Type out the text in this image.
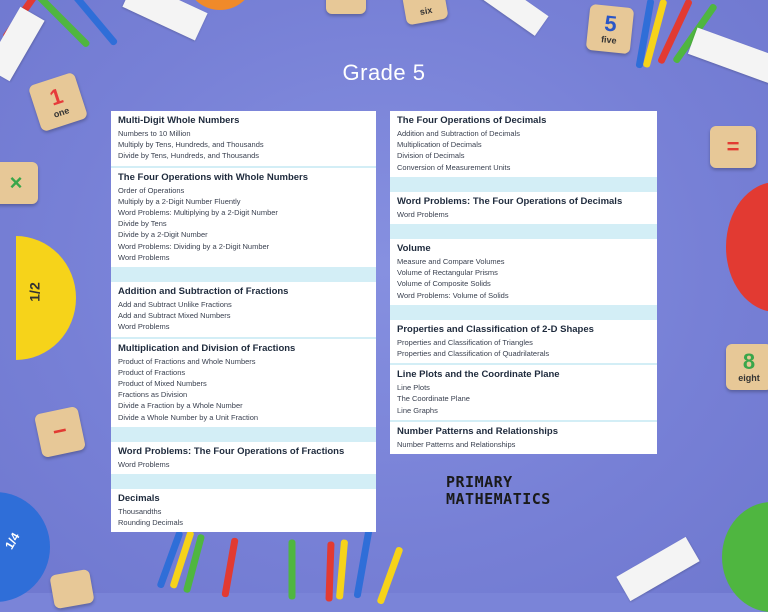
1
one
six	5
five
×
1/2
−
1/4
=
8
eight
Grade 5
Multi-Digit Whole Numbers
Numbers to 10 Million
Multiply by Tens, Hundreds, and Thousands
Divide by Tens, Hundreds, and Thousands
The Four Operations with Whole Numbers
Order of Operations
Multiply by a 2-Digit Number Fluently
Word Problems: Multiplying by a 2-Digit Number
Divide by Tens
Divide by a 2-Digit Number
Word Problems: Dividing by a 2-Digit Number
Word Problems
Addition and Subtraction of Fractions
Add and Subtract Unlike Fractions
Add and Subtract Mixed Numbers
Word Problems
Multiplication and Division of Fractions
Product of Fractions and Whole Numbers
Product of Fractions
Product of Mixed Numbers
Fractions as Division
Divide a Fraction by a Whole Number
Divide a Whole Number by a Unit Fraction
Word Problems: The Four Operations of Fractions
Word Problems
Decimals
Thousandths
Rounding Decimals
The Four Operations of Decimals
Addition and Subtraction of Decimals
Multiplication of Decimals
Division of Decimals
Conversion of Measurement Units
Word Problems: The Four Operations of Decimals
Word Problems
Volume
Measure and Compare Volumes
Volume of Rectangular Prisms
Volume of Composite Solids
Word Problems: Volume of Solids
Properties and Classification of 2-D Shapes
Properties and Classification of Triangles
Properties and Classification of Quadrilaterals
Line Plots and the Coordinate Plane
Line Plots
The Coordinate Plane
Line Graphs
Number Patterns and Relationships
Number Patterns and Relationships
PRIMARY
MATHEMATICS
